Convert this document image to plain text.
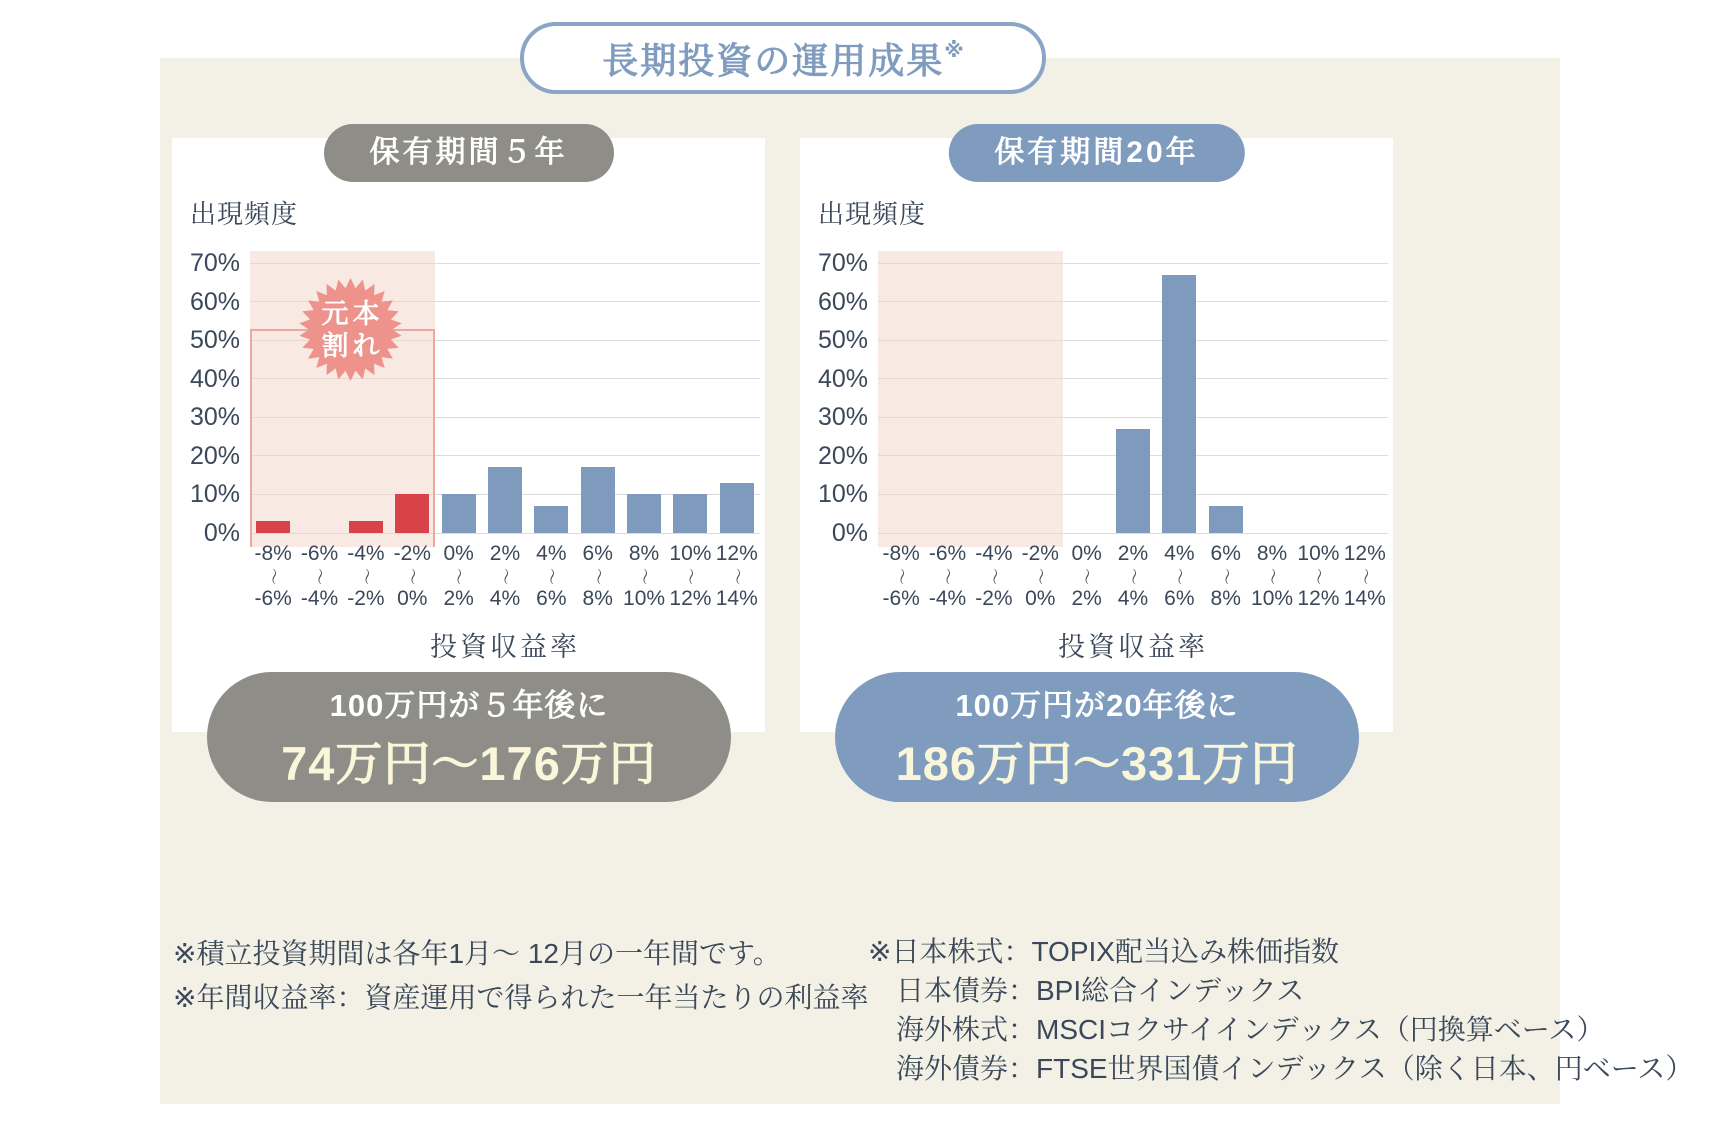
長期投資の運用成果 ※
保有期間５年
出現頻度
0%
10%
20%
30%
40%
50%
60%
70%
元本
割れ
-8%
〜
-6%
-6%
〜
-4%
-4%
〜
-2%
-2%
〜
0%
0%
〜
2%
2%
〜
4%
4%
〜
6%
6%
〜
8%
8%
〜
10%
10%
〜
12%
12%
〜
14%
投資収益率
保有期間20年
出現頻度
0%
10%
20%
30%
40%
50%
60%
70%
-8%
〜
-6%
-6%
〜
-4%
-4%
〜
-2%
-2%
〜
0%
0%
〜
2%
2%
〜
4%
4%
〜
6%
6%
〜
8%
8%
〜
10%
10%
〜
12%
12%
〜
14%
投資収益率
100万円が５年後に
74万円〜176万円
100万円が20年後に
186万円〜331万円
※積立投資期間は各年1月〜 12月の一年間です。
※年間収益率：資産運用で得られた一年当たりの利益率
※日本株式：TOPIX配当込み株価指数
日本債券：BPI総合インデックス
海外株式：MSCIコクサイインデックス（円換算ベース）
海外債券：FTSE世界国債インデックス（除く日本、円ベース）
